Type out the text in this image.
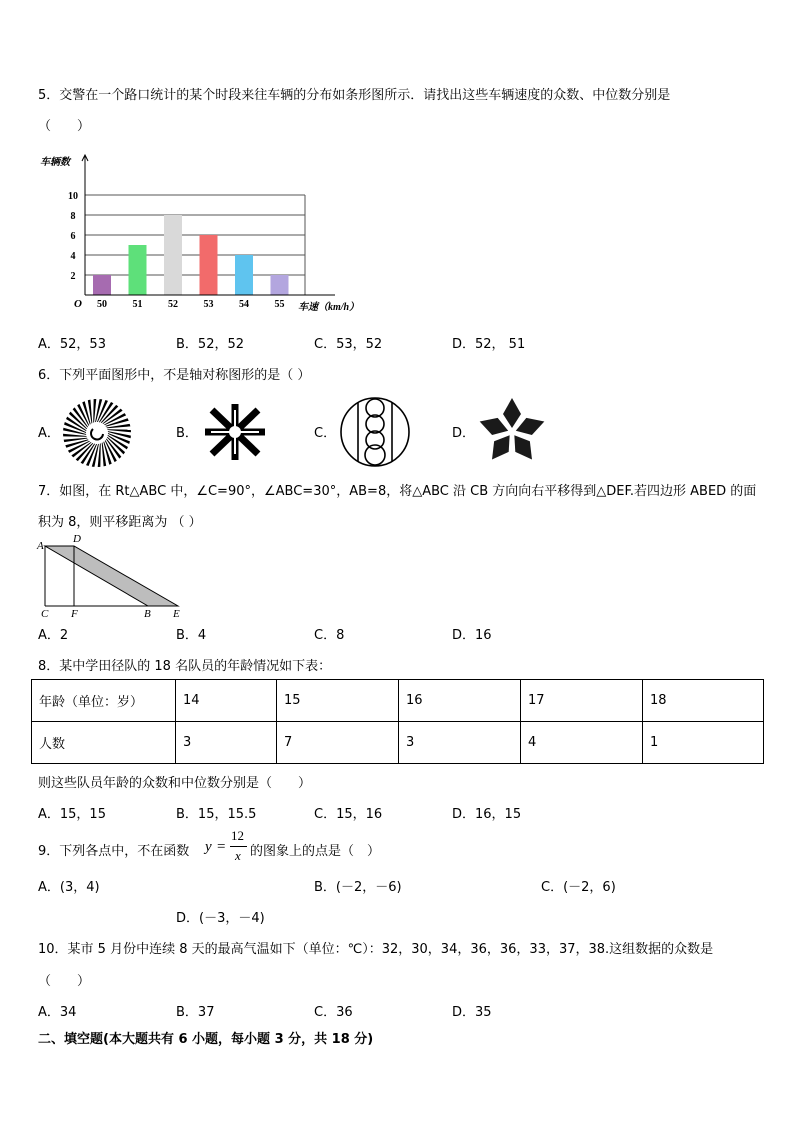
5．交警在一个路口统计的某个时段来往车辆的分布如条形图所示．请找出这些车辆速度的众数、中位数分别是
（　　）
车辆数
O	车速（km/h）
2
4
6
8
10
50	51	52	53	54	55
A．52，53	B．52，52	C．53，52	D．52， 51
6．下列平面图形中，不是轴对称图形的是（ ）
A．	B．	C．	D．
7．如图，在 Rt△ABC 中，∠C=90°，∠ABC=30°，AB=8，将△ABC 沿 CB 方向向右平移得到△DEF.若四边形 ABED 的面
积为 8，则平移距离为 （ ）
A
D
C F	B E
A．2	B．4	C．8	D．16
8．某中学田径队的 18 名队员的年龄情况如下表：
年龄（单位：岁）	14	15	16	17	18
人数	3	7	3	4	1
则这些队员年龄的众数和中位数分别是（　　）
A．15，15	B．15，15.5	C．15，16	D．16，15
9．下列各点中，不在函数 y =
12
x 的图象上的点是（　）
A．(3，4)	B．(－2，－6)	C．(－2，6)
D．(－3，－4)
10．某市 5 月份中连续 8 天的最高气温如下（单位：℃）：32，30，34，36，36，33，37，38.这组数据的众数是
（　　）
A．34	B．37	C．36	D．35
二、填空题(本大题共有 6 小题，每小题 3 分，共 18 分)
